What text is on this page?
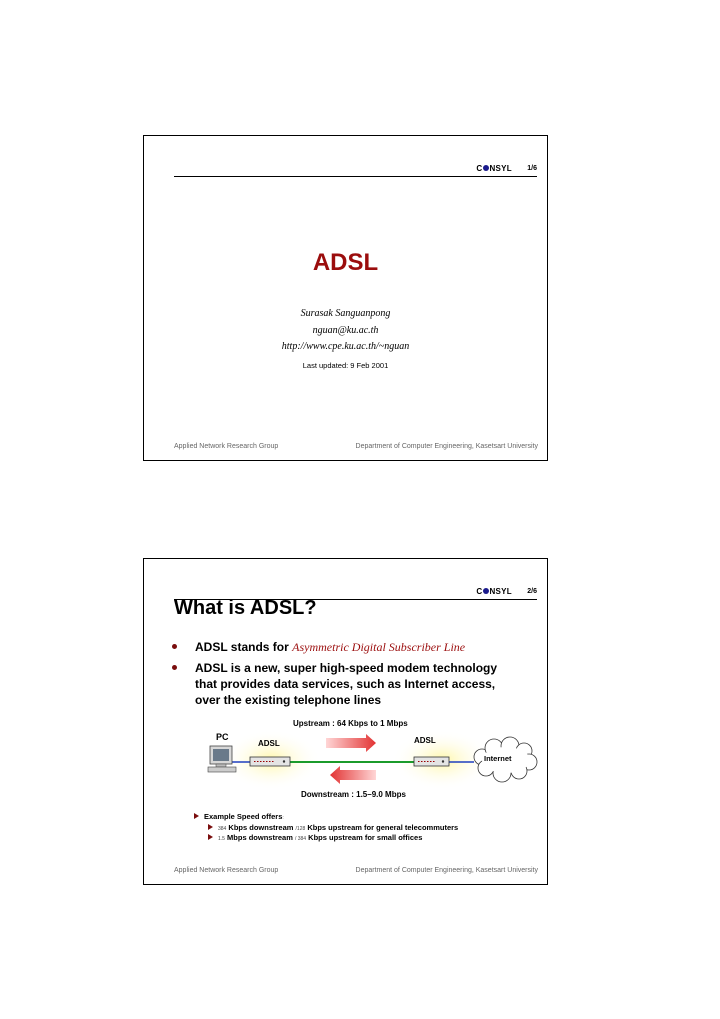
C NSYL 1/6
ADSL
Surasak Sanguanpong
nguan@ku.ac.th
http://www.cpe.ku.ac.th/~nguan
Last updated: 9 Feb 2001
Applied Network Research Group	Department of Computer Engineering, Kasetsart University
C NSYL 2/6
What is ADSL?
ADSL stands for Asymmetric Digital Subscriber Line
ADSL is a new, super high-speed modem technology that provides data services, such as Internet access, over the existing telephone lines
Upstream : 64 Kbps to 1 Mbps
PC
ADSL	ADSL
Internet
Downstream : 1.5–9.0 Mbps
Example Speed offers:
384 Kbps downstream /128 Kbps upstream for general telecommuters
1.5 Mbps downstream / 384 Kbps upstream for small offices
Applied Network Research Group	Department of Computer Engineering, Kasetsart University
